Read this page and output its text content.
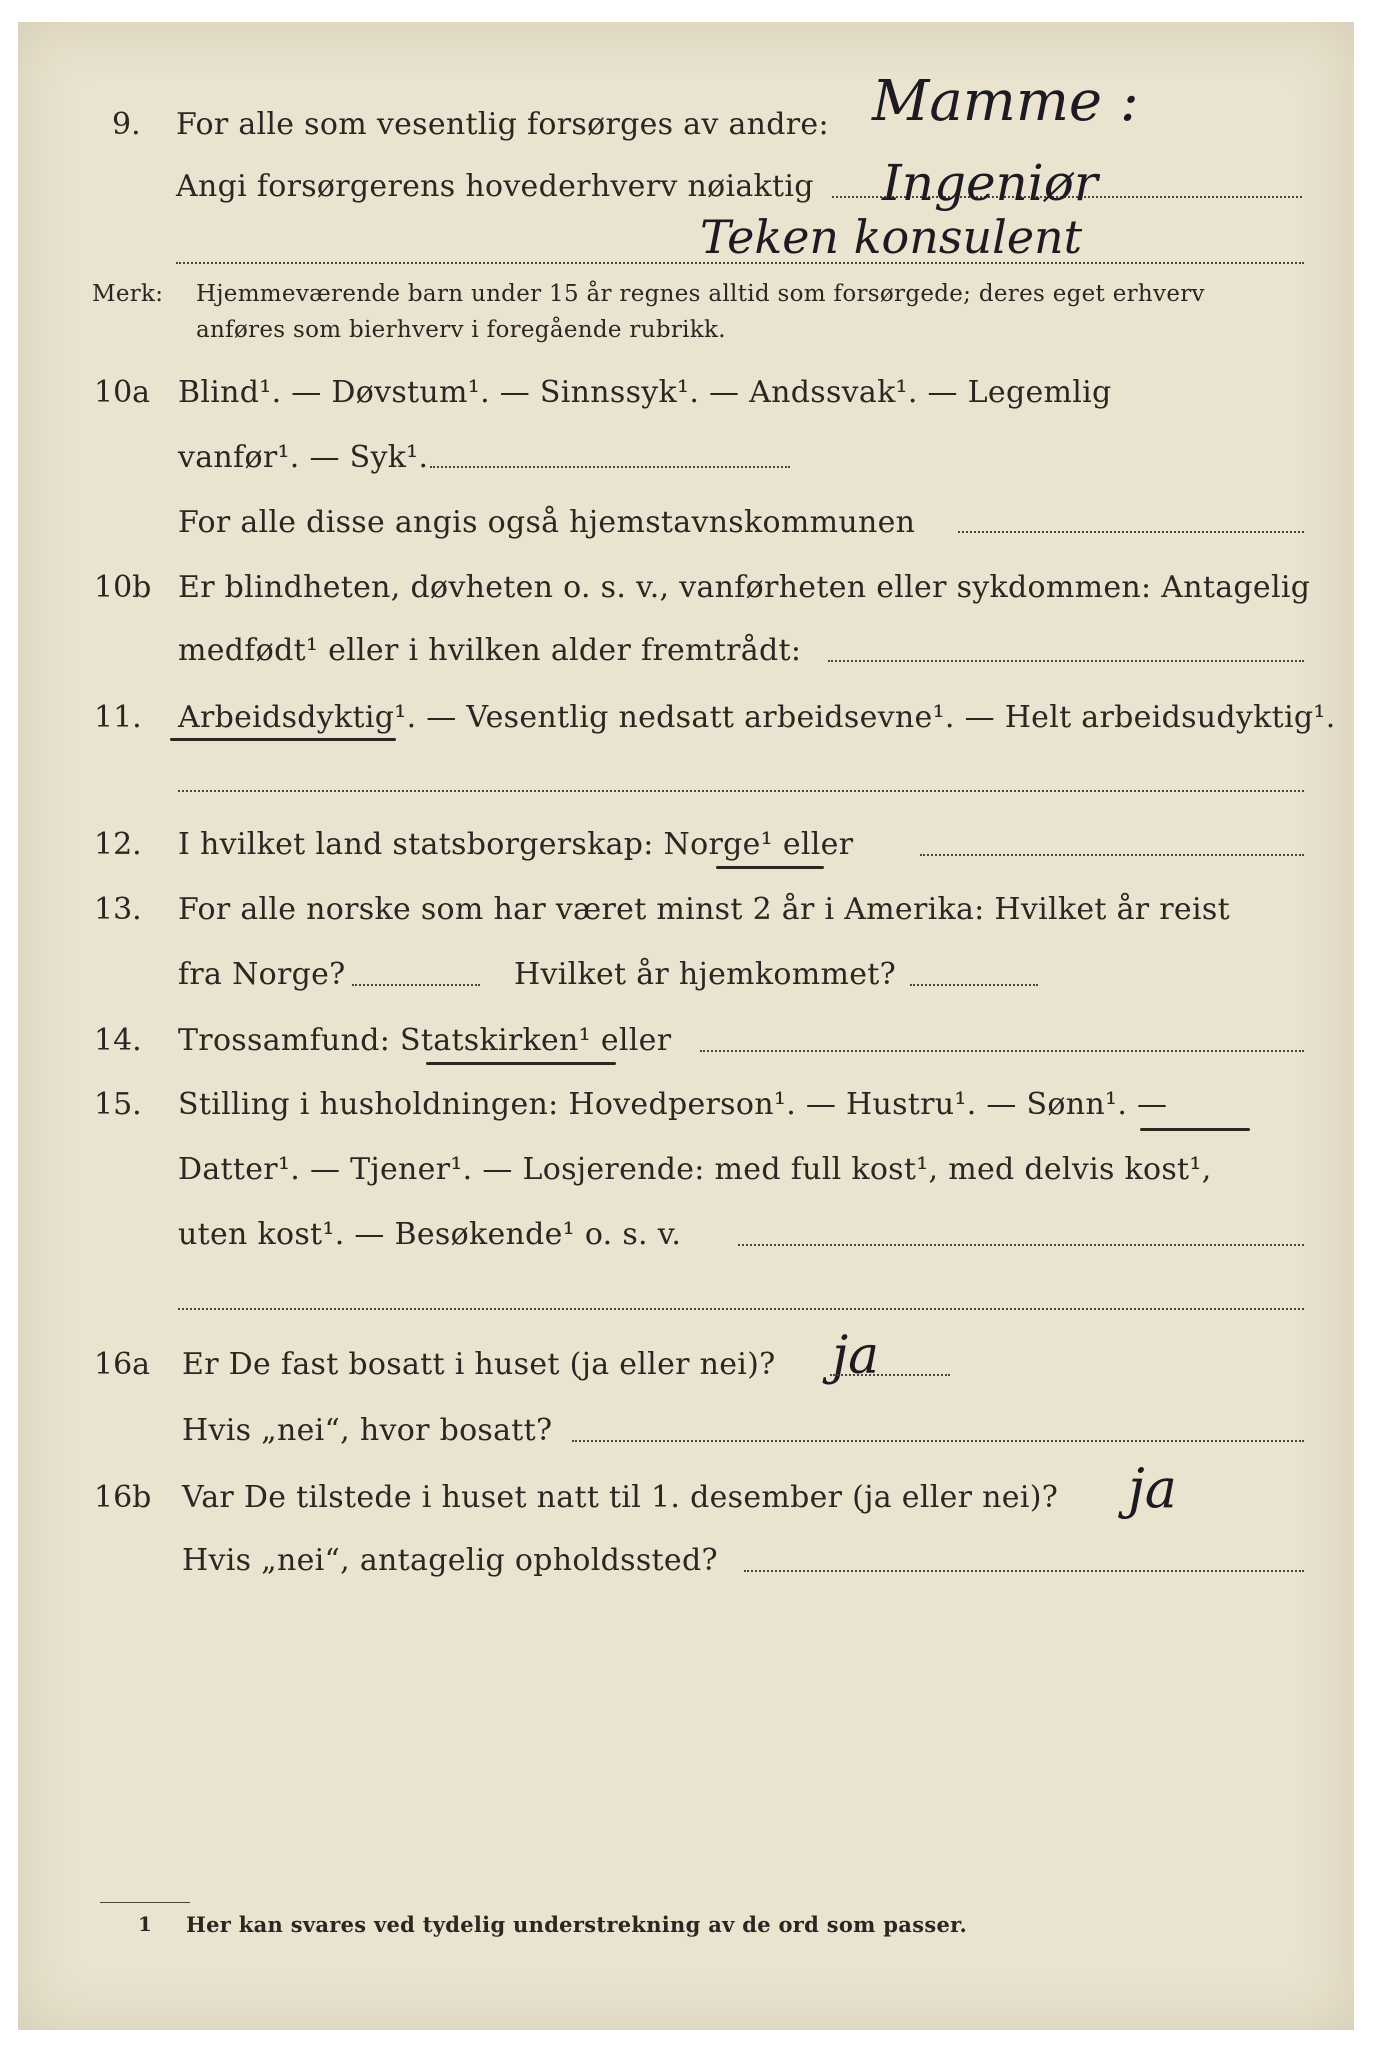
9. For alle som vesentlig forsørges av andre: Mamme :
Angi forsørgerens hovederhverv nøiaktig Ingeniør
Teken konsulent
Merk: Hjemmeværende barn under 15 år regnes alltid som forsørgede; deres eget erhverv
anføres som bierhverv i foregående rubrikk.
10a Blind¹. — Døvstum¹. — Sinnssyk¹. — Andssvak¹. — Legemlig
vanfør¹. — Syk¹.
For alle disse angis også hjemstavnskommunen
10b Er blindheten, døvheten o. s. v., vanførheten eller sykdommen: Antagelig
medfødt¹ eller i hvilken alder fremtrådt:
11. Arbeidsdyktig¹. — Vesentlig nedsatt arbeidsevne¹. — Helt arbeidsudyktig¹.
12. I hvilket land statsborgerskap: Norge¹ eller
13. For alle norske som har været minst 2 år i Amerika: Hvilket år reist
fra Norge?	Hvilket år hjemkommet?
14. Trossamfund: Statskirken¹ eller
15. Stilling i husholdningen: Hovedperson¹. — Hustru¹. — Sønn¹. —
Datter¹. — Tjener¹. — Losjerende: med full kost¹, med delvis kost¹,
uten kost¹. — Besøkende¹ o. s. v.
16a Er De fast bosatt i huset (ja eller nei)? ja
Hvis „nei“, hvor bosatt?
16b Var De tilstede i huset natt til 1. desember (ja eller nei)? ja
Hvis „nei“, antagelig opholdssted?
1 Her kan svares ved tydelig understrekning av de ord som passer.
